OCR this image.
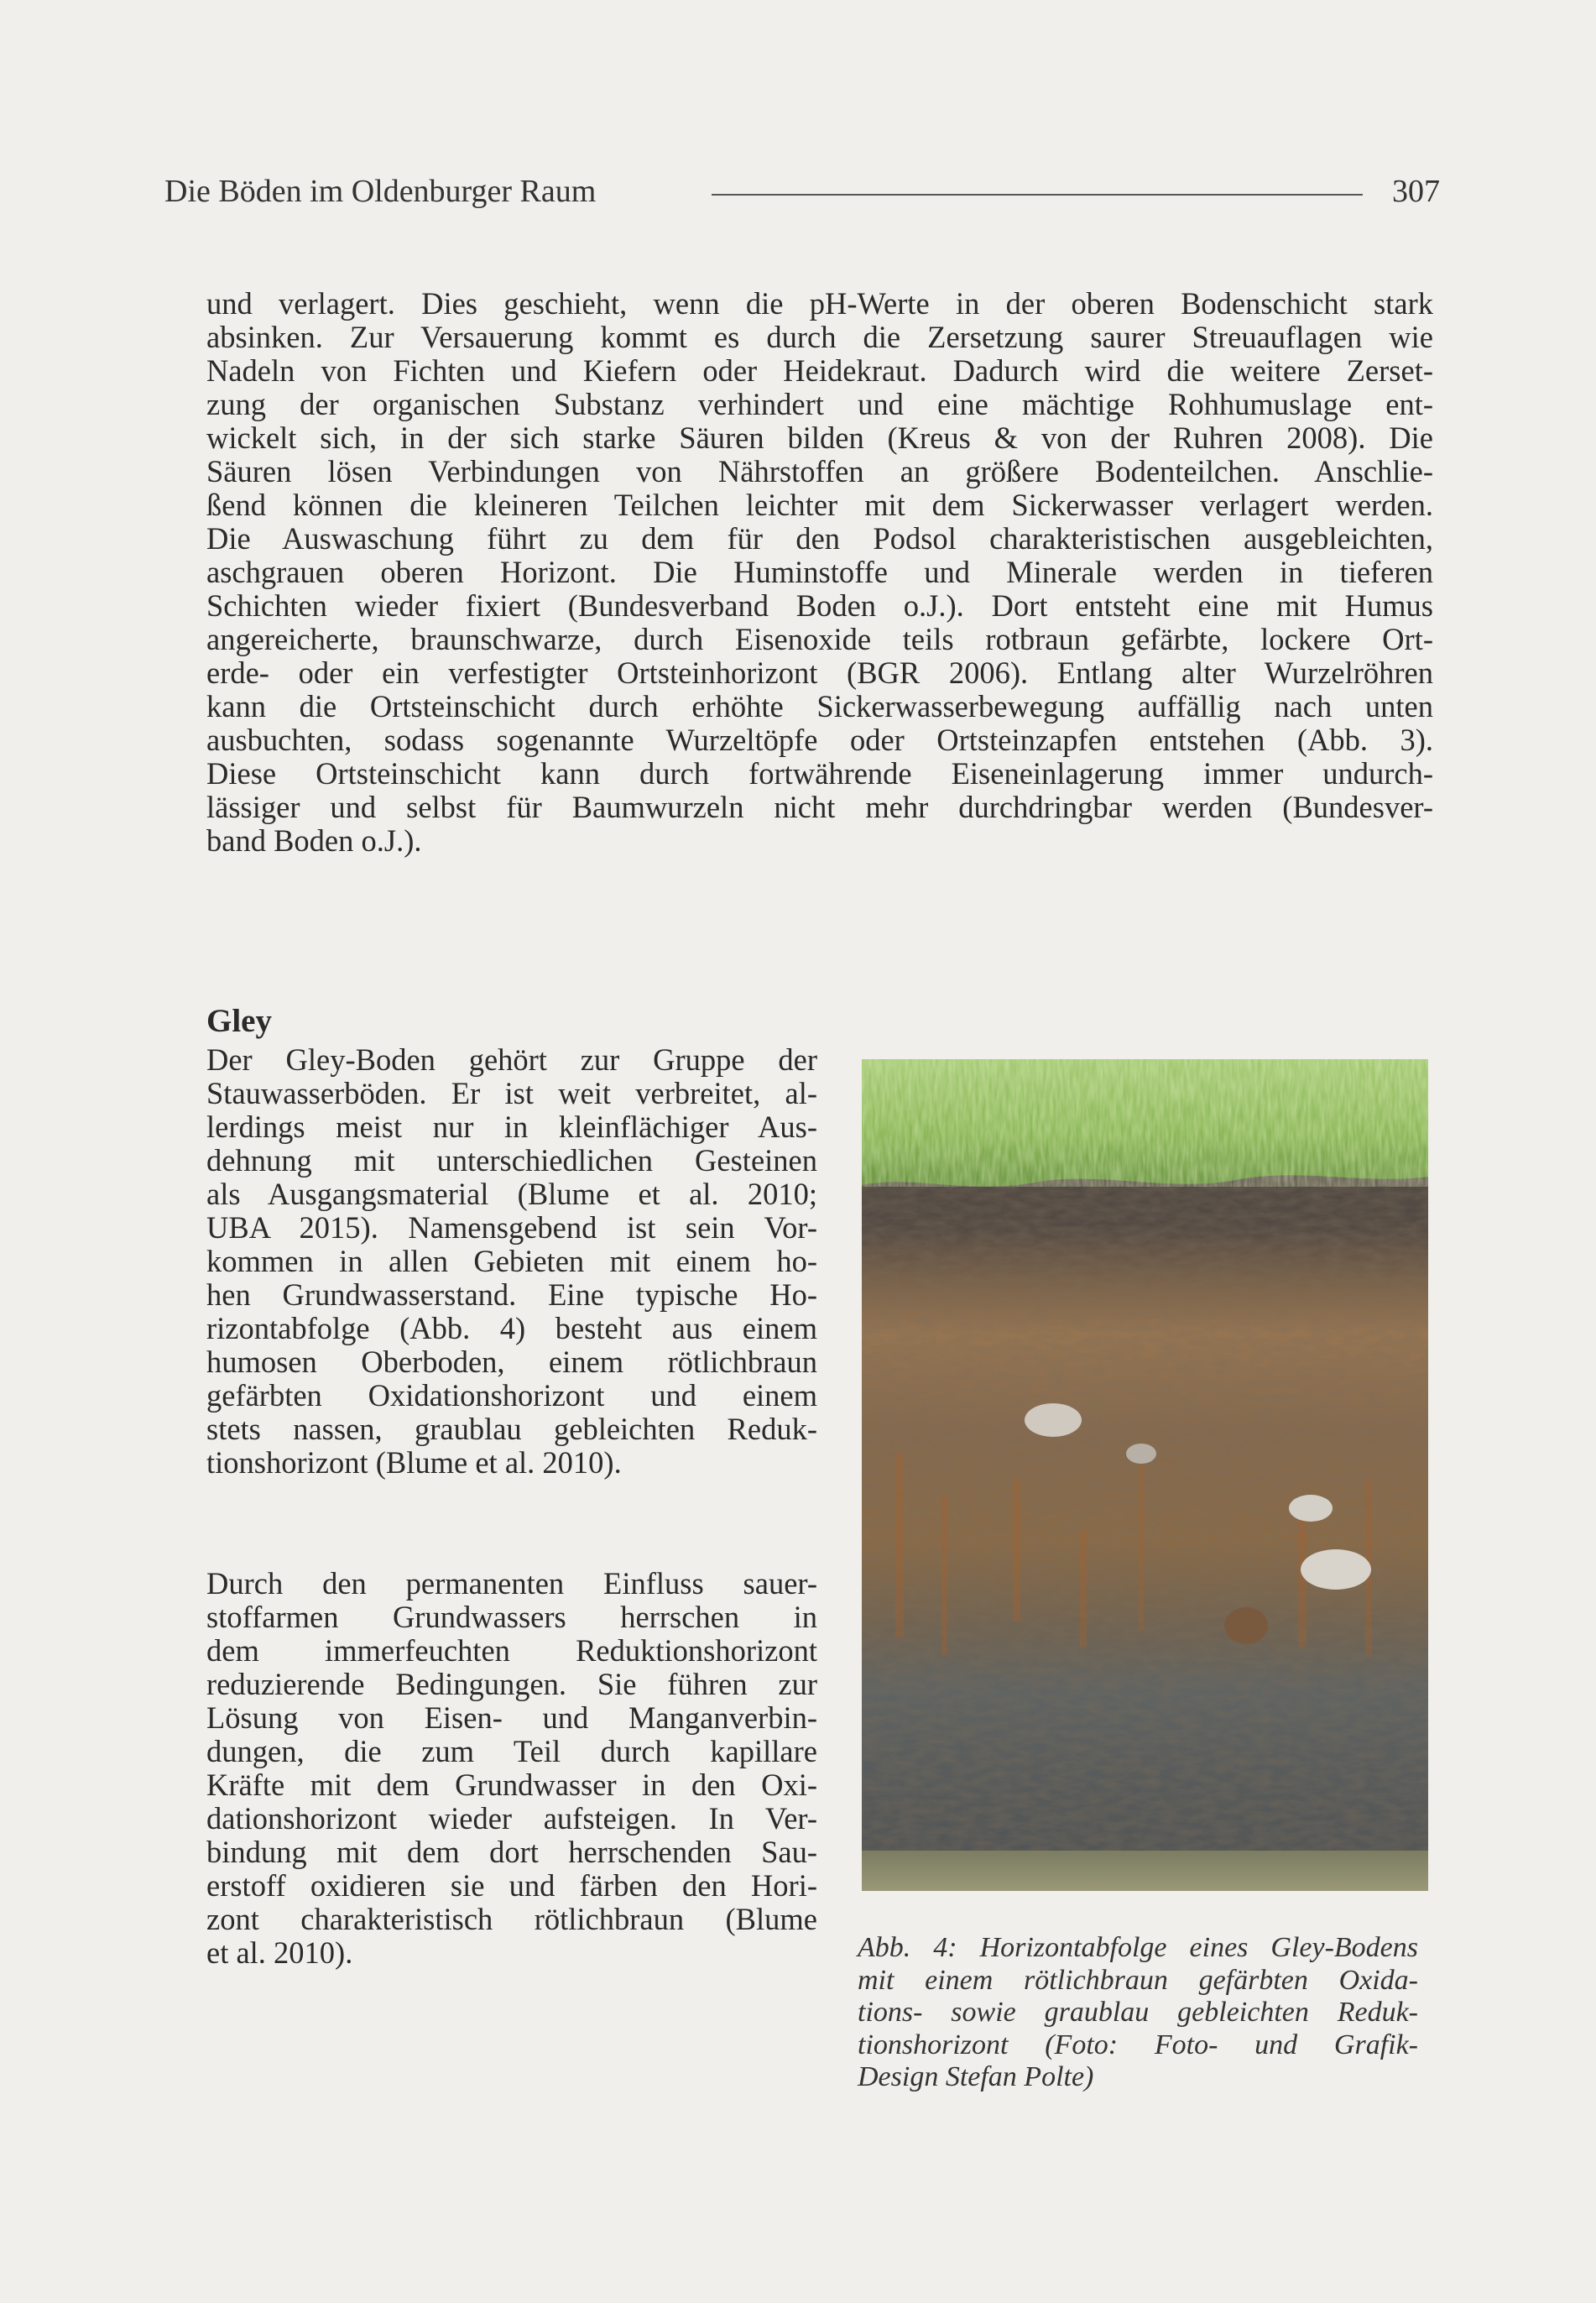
Die Böden im Oldenburger Raum	307
und verlagert. Dies geschieht, wenn die pH-Werte in der oberen Bodenschicht stark
absinken. Zur Versauerung kommt es durch die Zersetzung saurer Streuauflagen wie
Nadeln von Fichten und Kiefern oder Heidekraut. Dadurch wird die weitere Zerset-
zung der organischen Substanz verhindert und eine mächtige Rohhumuslage ent-
wickelt sich, in der sich starke Säuren bilden (Kreus & von der Ruhren 2008). Die
Säuren lösen Verbindungen von Nährstoffen an größere Bodenteilchen. Anschlie-
ßend können die kleineren Teilchen leichter mit dem Sickerwasser verlagert werden.
Die Auswaschung führt zu dem für den Podsol charakteristischen ausgebleichten,
aschgrauen oberen Horizont. Die Huminstoffe und Minerale werden in tieferen
Schichten wieder fixiert (Bundesverband Boden o.J.). Dort entsteht eine mit Humus
angereicherte, braunschwarze, durch Eisenoxide teils rotbraun gefärbte, lockere Ort-
erde- oder ein verfestigter Ortsteinhorizont (BGR 2006). Entlang alter Wurzelröhren
kann die Ortsteinschicht durch erhöhte Sickerwasserbewegung auffällig nach unten
ausbuchten, sodass sogenannte Wurzeltöpfe oder Ortsteinzapfen entstehen (Abb. 3).
Diese Ortsteinschicht kann durch fortwährende Eiseneinlagerung immer undurch-
lässiger und selbst für Baumwurzeln nicht mehr durchdringbar werden (Bundesver-
band Boden o.J.).
Gley
Der Gley-Boden gehört zur Gruppe der
Stauwasserböden. Er ist weit verbreitet, al-
lerdings meist nur in kleinflächiger Aus-
dehnung mit unterschiedlichen Gesteinen
als Ausgangsmaterial (Blume et al. 2010;
UBA 2015). Namensgebend ist sein Vor-
kommen in allen Gebieten mit einem ho-
hen Grundwasserstand. Eine typische Ho-
rizontabfolge (Abb. 4) besteht aus einem
humosen Oberboden, einem rötlichbraun
gefärbten Oxidationshorizont und einem
stets nassen, graublau gebleichten Reduk-
tionshorizont (Blume et al. 2010).
Durch den permanenten Einfluss sauer-
stoffarmen Grundwassers herrschen in
dem immerfeuchten Reduktionshorizont
reduzierende Bedingungen. Sie führen zur
Lösung von Eisen- und Manganverbin-
dungen, die zum Teil durch kapillare
Kräfte mit dem Grundwasser in den Oxi-
dationshorizont wieder aufsteigen. In Ver-
bindung mit dem dort herrschenden Sau-
erstoff oxidieren sie und färben den Hori-
zont charakteristisch rötlichbraun (Blume
et al. 2010).	Abb. 4: Horizontabfolge eines Gley-Bodens
mit einem rötlichbraun gefärbten Oxida-
tions- sowie graublau gebleichten Reduk-
tionshorizont (Foto: Foto- und Grafik-
Design Stefan Polte)
